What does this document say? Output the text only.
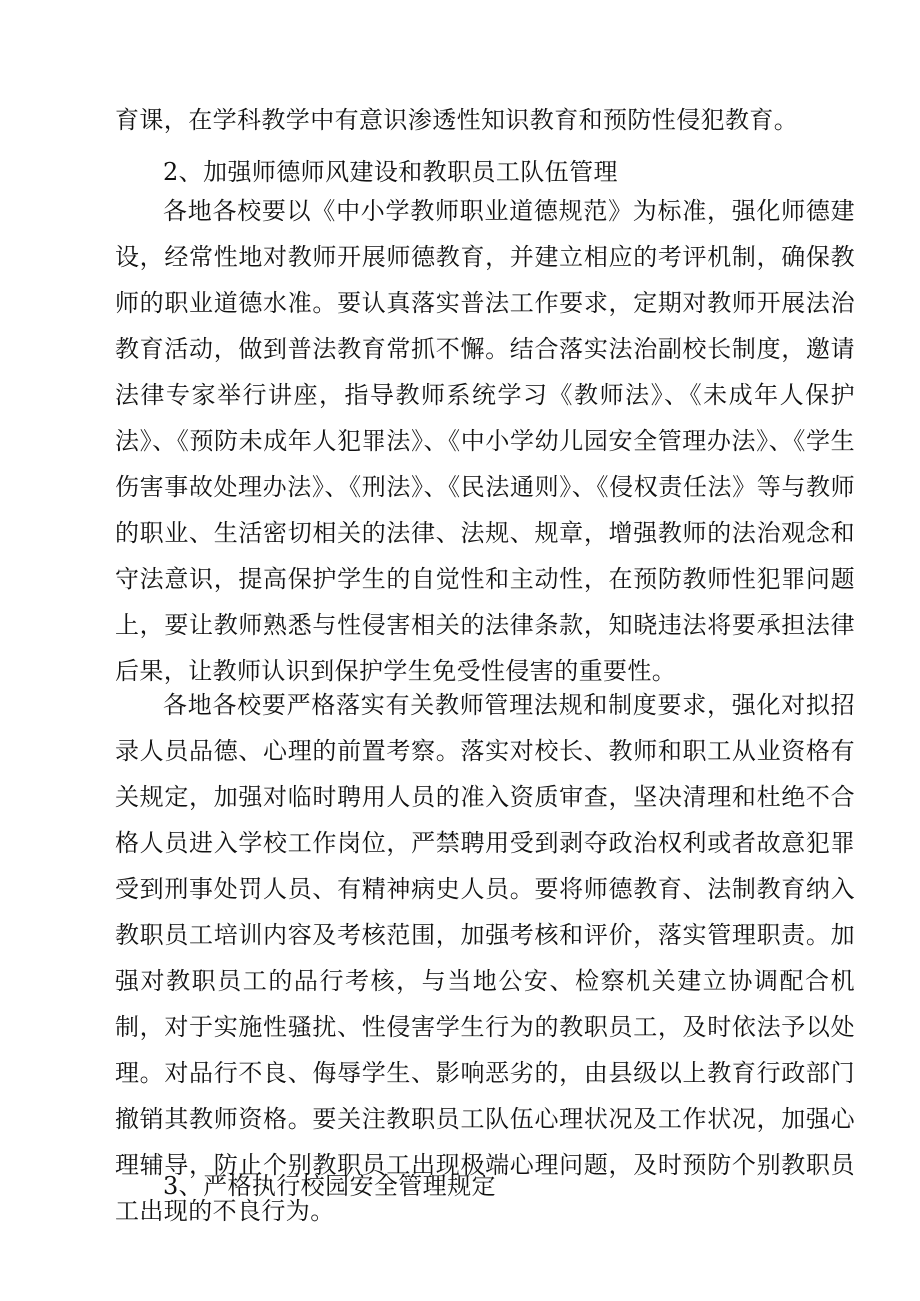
育课，在学科教学中有意识渗透性知识教育和预防性侵犯教育。
2、加强师德师风建设和教职员工队伍管理
各地各校要以《中小学教师职业道德规范》为标准，强化师德建设，经常性地对教师开展师德教育，并建立相应的考评机制，确保教师的职业道德水准。要认真落实普法工作要求，定期对教师开展法治教育活动，做到普法教育常抓不懈。结合落实法治副校长制度，邀请法律专家举行讲座，指导教师系统学习《教师法》、《未成年人保护法》、《预防未成年人犯罪法》、《中小学幼儿园安全管理办法》、《学生伤害事故处理办法》、《刑法》、《民法通则》、《侵权责任法》等与教师的职业、生活密切相关的法律、法规、规章，增强教师的法治观念和守法意识，提高保护学生的自觉性和主动性，在预防教师性犯罪问题上，要让教师熟悉与性侵害相关的法律条款，知晓违法将要承担法律后果，让教师认识到保护学生免受性侵害的重要性。
各地各校要严格落实有关教师管理法规和制度要求，强化对拟招录人员品德、心理的前置考察。落实对校长、教师和职工从业资格有关规定，加强对临时聘用人员的准入资质审查，坚决清理和杜绝不合格人员进入学校工作岗位，严禁聘用受到剥夺政治权利或者故意犯罪受到刑事处罚人员、有精神病史人员。要将师德教育、法制教育纳入教职员工培训内容及考核范围，加强考核和评价，落实管理职责。加强对教职员工的品行考核，与当地公安、检察机关建立协调配合机制，对于实施性骚扰、性侵害学生行为的教职员工，及时依法予以处理。对品行不良、侮辱学生、影响恶劣的，由县级以上教育行政部门撤销其教师资格。要关注教职员工队伍心理状况及工作状况，加强心理辅导，防止个别教职员工出现极端心理问题，及时预防个别教职员工出现的不良行为。
3、严格执行校园安全管理规定
